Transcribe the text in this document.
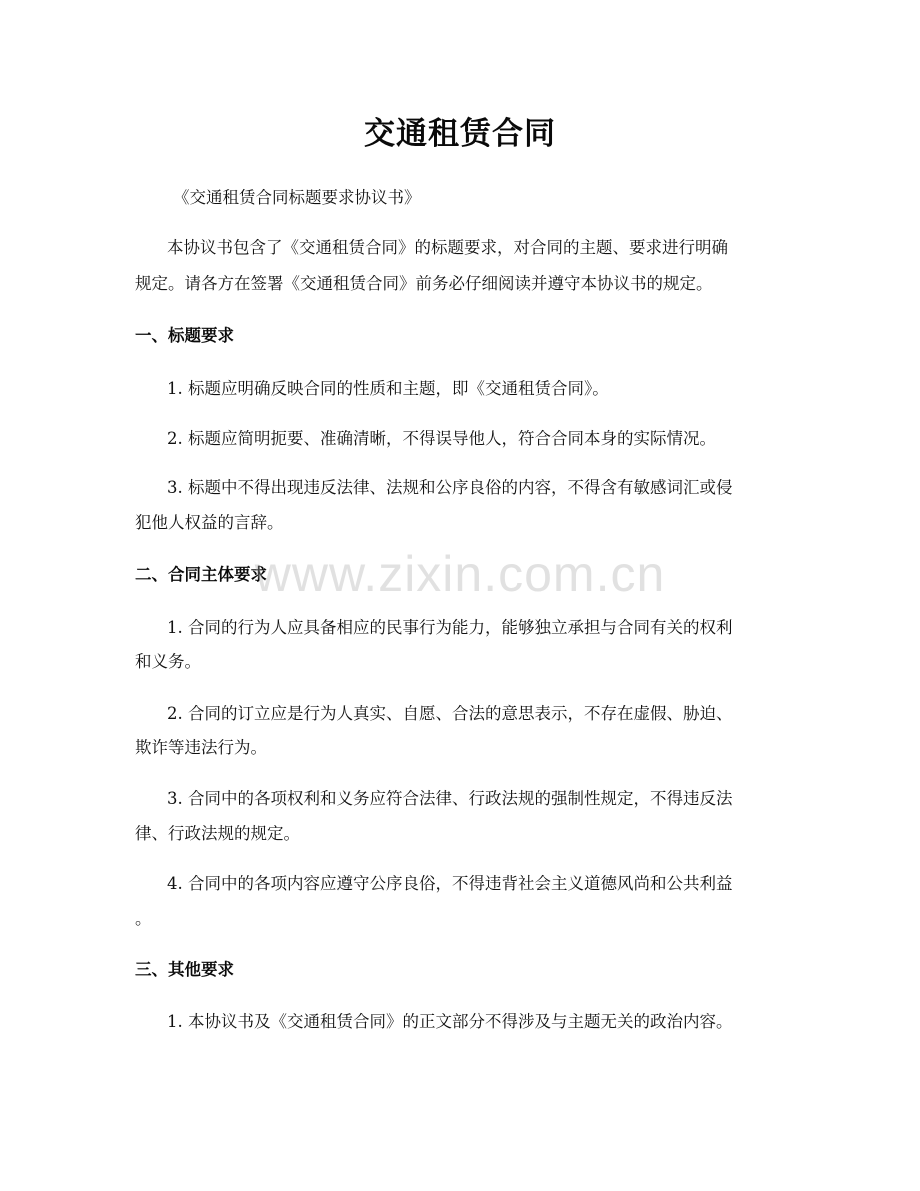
交通租赁合同
《交通租赁合同标题要求协议书》
本协议书包含了《交通租赁合同》的标题要求，对合同的主题、要求进行明确
规定。请各方在签署《交通租赁合同》前务必仔细阅读并遵守本协议书的规定。
一、标题要求
1. 标题应明确反映合同的性质和主题，即《交通租赁合同》。
2. 标题应简明扼要、准确清晰，不得误导他人，符合合同本身的实际情况。
3. 标题中不得出现违反法律、法规和公序良俗的内容，不得含有敏感词汇或侵
犯他人权益的言辞。
二、合同主体要求
1. 合同的行为人应具备相应的民事行为能力，能够独立承担与合同有关的权利
和义务。
2. 合同的订立应是行为人真实、自愿、合法的意思表示，不存在虚假、胁迫、
欺诈等违法行为。
3. 合同中的各项权利和义务应符合法律、行政法规的强制性规定，不得违反法
律、行政法规的规定。
4. 合同中的各项内容应遵守公序良俗，不得违背社会主义道德风尚和公共利益
。
三、其他要求
1. 本协议书及《交通租赁合同》的正文部分不得涉及与主题无关的政治内容。
www.zixin.com.cn
